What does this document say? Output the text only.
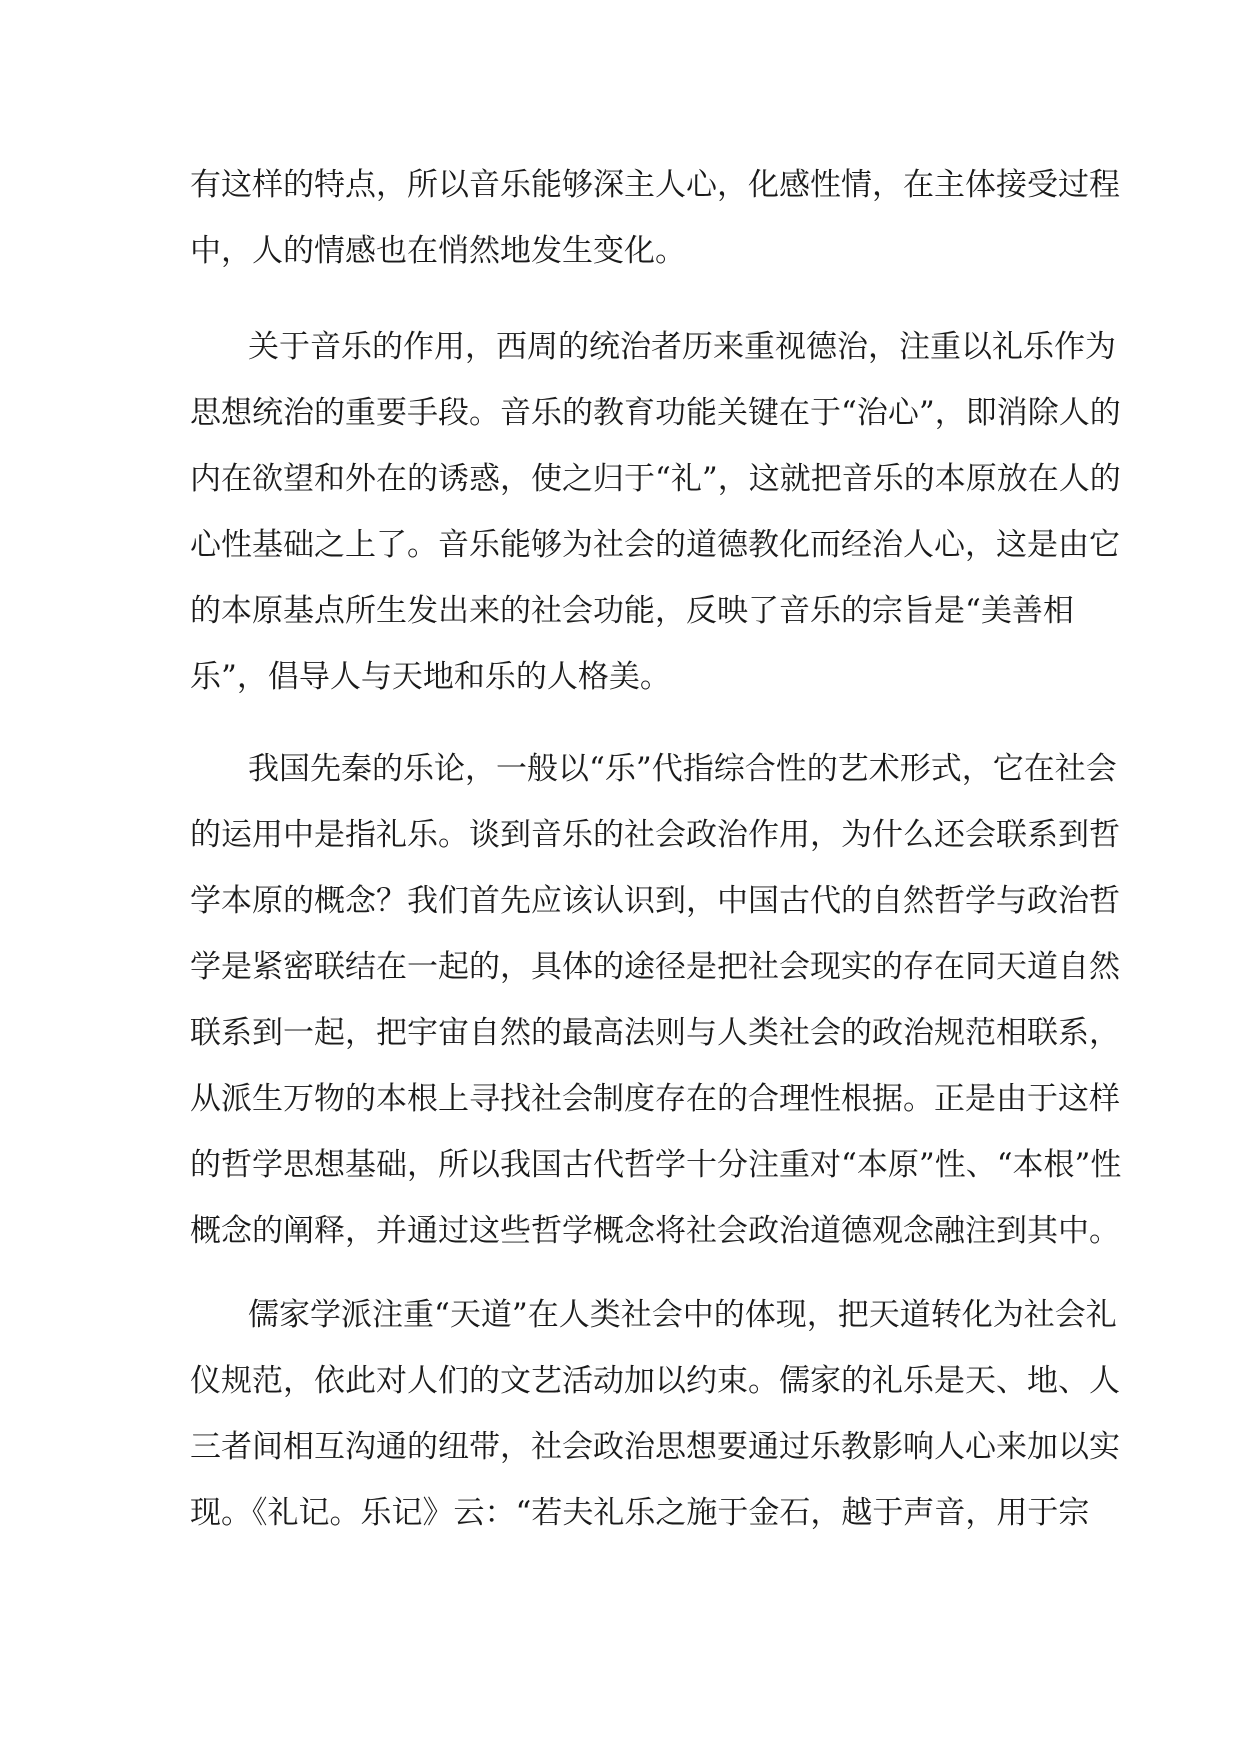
有这样的特点，所以音乐能够深主人心，化感性情，在主体接受过程
中，人的情感也在悄然地发生变化。
关于音乐的作用，西周的统治者历来重视德治，注重以礼乐作为
思想统治的重要手段。音乐的教育功能关键在于“治心”，即消除人的
内在欲望和外在的诱惑，使之归于“礼”，这就把音乐的本原放在人的
心性基础之上了。音乐能够为社会的道德教化而经治人心，这是由它
的本原基点所生发出来的社会功能，反映了音乐的宗旨是“美善相
乐”，倡导人与天地和乐的人格美。
我国先秦的乐论，一般以“乐”代指综合性的艺术形式，它在社会
的运用中是指礼乐。谈到音乐的社会政治作用，为什么还会联系到哲
学本原的概念？我们首先应该认识到，中国古代的自然哲学与政治哲
学是紧密联结在一起的，具体的途径是把社会现实的存在同天道自然
联系到一起，把宇宙自然的最高法则与人类社会的政治规范相联系，
从派生万物的本根上寻找社会制度存在的合理性根据。正是由于这样
的哲学思想基础，所以我国古代哲学十分注重对“本原”性、“本根”性
概念的阐释，并通过这些哲学概念将社会政治道德观念融注到其中。
儒家学派注重“天道”在人类社会中的体现，把天道转化为社会礼
仪规范，依此对人们的文艺活动加以约束。儒家的礼乐是天、地、人
三者间相互沟通的纽带，社会政治思想要通过乐教影响人心来加以实
现。《礼记。乐记》云：“若夫礼乐之施于金石，越于声音，用于宗
